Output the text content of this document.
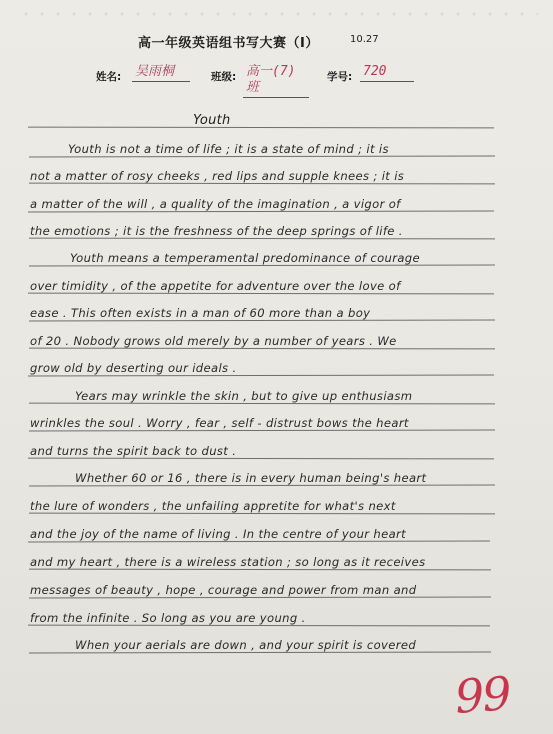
高一年级英语组书写大赛（I）	10.27
姓名: 吴雨桐	班级: 高一(7)班
学号: 720
Youth
Youth is not a time of life ; it is a state of mind ; it is
not a matter of rosy cheeks , red lips and supple knees ; it is
a matter of the will , a quality of the imagination , a vigor of
the emotions ; it is the freshness of the deep springs of life .
Youth means a temperamental predominance of courage
over timidity , of the appetite for adventure over the love of
ease . This often exists in a man of 60 more than a boy
of 20 . Nobody grows old merely by a number of years . We
grow old by deserting our ideals .
Years may wrinkle the skin , but to give up enthusiasm
wrinkles the soul . Worry , fear , self - distrust bows the heart
and turns the spirit back to dust .
Whether 60 or 16 , there is in every human being's heart
the lure of wonders , the unfailing appretite for what's next
and the joy of the name of living . In the centre of your heart
and my heart , there is a wireless station ; so long as it receives
messages of beauty , hope , courage and power from man and
from the infinite . So long as you are young .
When your aerials are down , and your spirit is covered
99
